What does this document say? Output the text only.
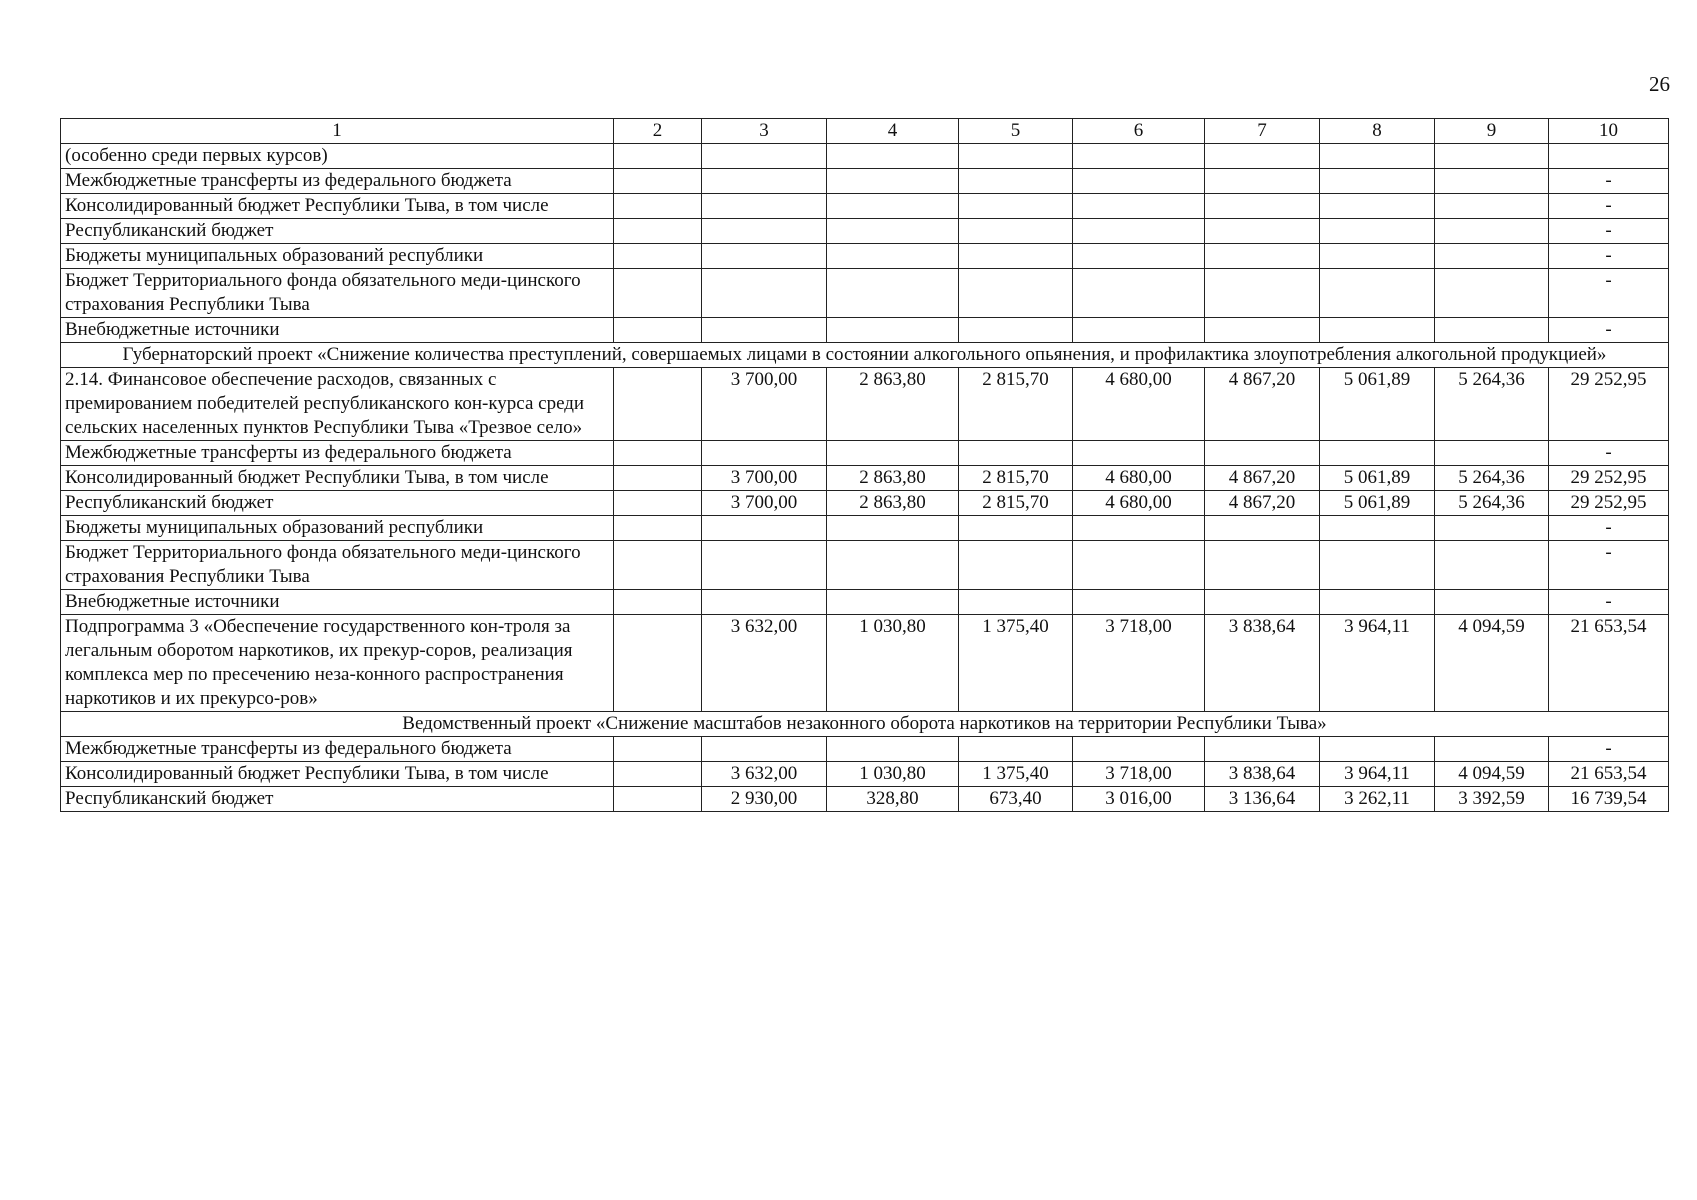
26
1	2	3	4	5	6	7	8	9	10
(особенно среди первых курсов)									
Межбюджетные трансферты из федерального бюджета									-
Консолидированный бюджет Республики Тыва, в том числе									-
Республиканский бюджет									-
Бюджеты муниципальных образований республики									-
Бюджет Территориального фонда обязательного меди-цинского страхования Республики Тыва									-
Внебюджетные источники									-
Губернаторский проект «Снижение количества преступлений, совершаемых лицами в состоянии алкогольного опьянения, и профилактика злоупотребления алкогольной продукцией»									
2.14. Финансовое обеспечение расходов, связанных с премированием победителей республиканского кон-курса среди сельских населенных пунктов Республики Тыва «Трезвое село»		3 700,00	2 863,80	2 815,70	4 680,00	4 867,20	5 061,89	5 264,36	29 252,95
Межбюджетные трансферты из федерального бюджета									-
Консолидированный бюджет Республики Тыва, в том числе		3 700,00	2 863,80	2 815,70	4 680,00	4 867,20	5 061,89	5 264,36	29 252,95
Республиканский бюджет		3 700,00	2 863,80	2 815,70	4 680,00	4 867,20	5 061,89	5 264,36	29 252,95
Бюджеты муниципальных образований республики									-
Бюджет Территориального фонда обязательного меди-цинского страхования Республики Тыва									-
Внебюджетные источники									-
Подпрограмма 3 «Обеспечение государственного кон-троля за легальным оборотом наркотиков, их прекур-соров, реализация комплекса мер по пресечению неза-конного распространения наркотиков и их прекурсо-ров»		3 632,00	1 030,80	1 375,40	3 718,00	3 838,64	3 964,11	4 094,59	21 653,54
Ведомственный проект «Снижение масштабов незаконного оборота наркотиков на территории Республики Тыва»									
Межбюджетные трансферты из федерального бюджета									-
Консолидированный бюджет Республики Тыва, в том числе		3 632,00	1 030,80	1 375,40	3 718,00	3 838,64	3 964,11	4 094,59	21 653,54
Республиканский бюджет		2 930,00	328,80	673,40	3 016,00	3 136,64	3 262,11	3 392,59	16 739,54
